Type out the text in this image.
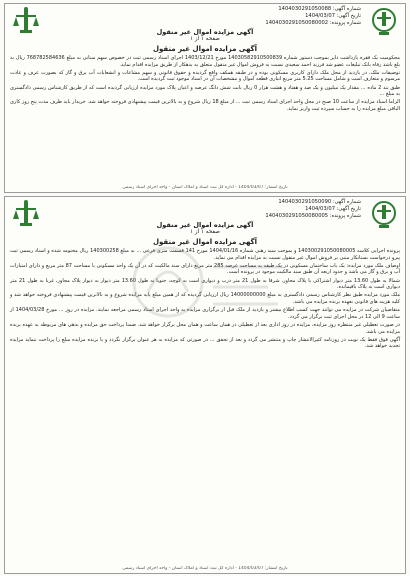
شماره آگهی: 1404030291050088
تاریخ آگهی: 1404/03/07
شماره پرونده: 1404030291050080002
آگهی مزایده اموال غیر منقول
صفحه ۱ از ۱
آگهی مزایده اموال غیر منقول

محکومیت یک فقره بازداشت دایر بموجب دستور شماره 14030582910500839 مورخ 1403/12/21 اجرای اسناد رسمی ثبت در خصوص سهم ستانی به مبلغ 768782584636 ریال به بلغ باشد رفاه بانک تبلیغات عضو شد فرزند احمد سعیدی نسبت به فروش اموال غیر منقول متعلق به بدهکار از طریق مزایده اقدام نماید.

توصیفات ملک، در بازدید از محل ملک دارای کاربری مسکونی بوده و در طبقه همکف واقع گردیده و حقوق قانونی و سهم مشاعات و انشعابات آب برق و گاز که بصورت عرف و عادت مرسوم و متعارف است و شامل مساحت 5.25 متر مربع انباری قطعه اموال و مشخصات آن در اسناد موجود ثبت گردیده است.

طبق بند 2 ماده ... مقدار یک میلیون و یک صد و هفتاد و هشت هزار 0 ریال بابت شش دانگ عرصه و اعیان پلاک مورد مزایده ارزیابی گردیده است که از طریق کارشناس رسمی دادگستری به مبلغ ...

الزاما اسناد مزایده از ساعت 10 صبح در محل واحد اجرای اسناد رسمی ثبت ... از مبلغ 18 ریال شروع و به بالاترین قیمت پیشنهادی فروخته خواهد شد. خریدار باید ظرف مدت پنج روز کاری الباقی مبلغ مزایده را به حساب سپرده ثبت واریز نماید.

تاریخ انتشار: 1404/03/07 - اداره کل ثبت اسناد و املاک استان - واحد اجرای اسناد رسمی
شماره آگهی: 1404030291050090
تاریخ آگهی: 1404/03/07
شماره پرونده: 1404030291050080005
آگهی مزایده اموال غیر منقول
صفحه ۱ از ۱
آگهی مزایده اموال غیر منقول

پرونده اجرایی کلاسه 140300291050080005 و بموجب سند رهنی شماره 1404/01/16 مورخ 141 قسمت متری فرعی ... به مبلغ 140300258 ریال مختومه شده و اسناد رسمی ثبت پیرو درخواست بستانکار مبنی بر فروش اموال غیر منقول نسبت به مزایده اقدام می نماید.

اوصاف ملک مورد مزایده: یک باب ساختمان مسکونی در یک طبقه به مساحت عرصه 285 متر مربع دارای سند مالکیت که در آن یک واحد مسکونی با مساحت 87 متر مربع و دارای امتیازات آب و برق و گاز می باشد و حدود اربعه آن طبق سند مالکیت موجود در پرونده است.

شمالا به طول 13.60 متر دیوار اشتراکی با پلاک مجاور، شرقا به طول 21 متر درب و دیواری است به کوچه، جنوبا به طول 13.60 متر دیوار به دیوار پلاک مجاور، غربا به طول 21 متر دیواری است به پلاک باقیمانده.

ملک مورد مزایده طبق نظر کارشناس رسمی دادگستری به مبلغ 14000000000 ریال ارزیابی گردیده که از همین مبلغ پایه مزایده شروع و به بالاترین قیمت پیشنهادی فروخته خواهد شد و کلیه هزینه های قانونی بعهده برنده مزایده می باشد.

متقاضیان شرکت در مزایده می توانند جهت کسب اطلاع بیشتر و بازدید از ملک قبل از برگزاری مزایده به واحد اجرای اسناد رسمی مراجعه نمایند. مزایده در روز ... مورخ 1404/03/28 از ساعت 9 الی 12 در محل اجرای ثبت برگزار می گردد.

در صورت تعطیلی غیر منتظره روز مزایده، مزایده در روز اداری بعد از تعطیلی در همان ساعت و همان محل برگزار خواهد شد. ضمنا پرداخت حق مزایده و بدهی های مربوطه به عهده برنده مزایده می باشد.

آگهی فوق فقط یک نوبت در روزنامه کثیرالانتشار چاپ و منتشر می گردد و بعد از تحقق ... در صورتی که مزایده به هر عنوان برگزار نگردد و یا برنده مزایده مبلغ را پرداخت ننماید مزایده تجدید خواهد شد.

تاریخ انتشار: 1404/03/07 - اداره کل ثبت اسناد و املاک استان - واحد اجرای اسناد رسمی
